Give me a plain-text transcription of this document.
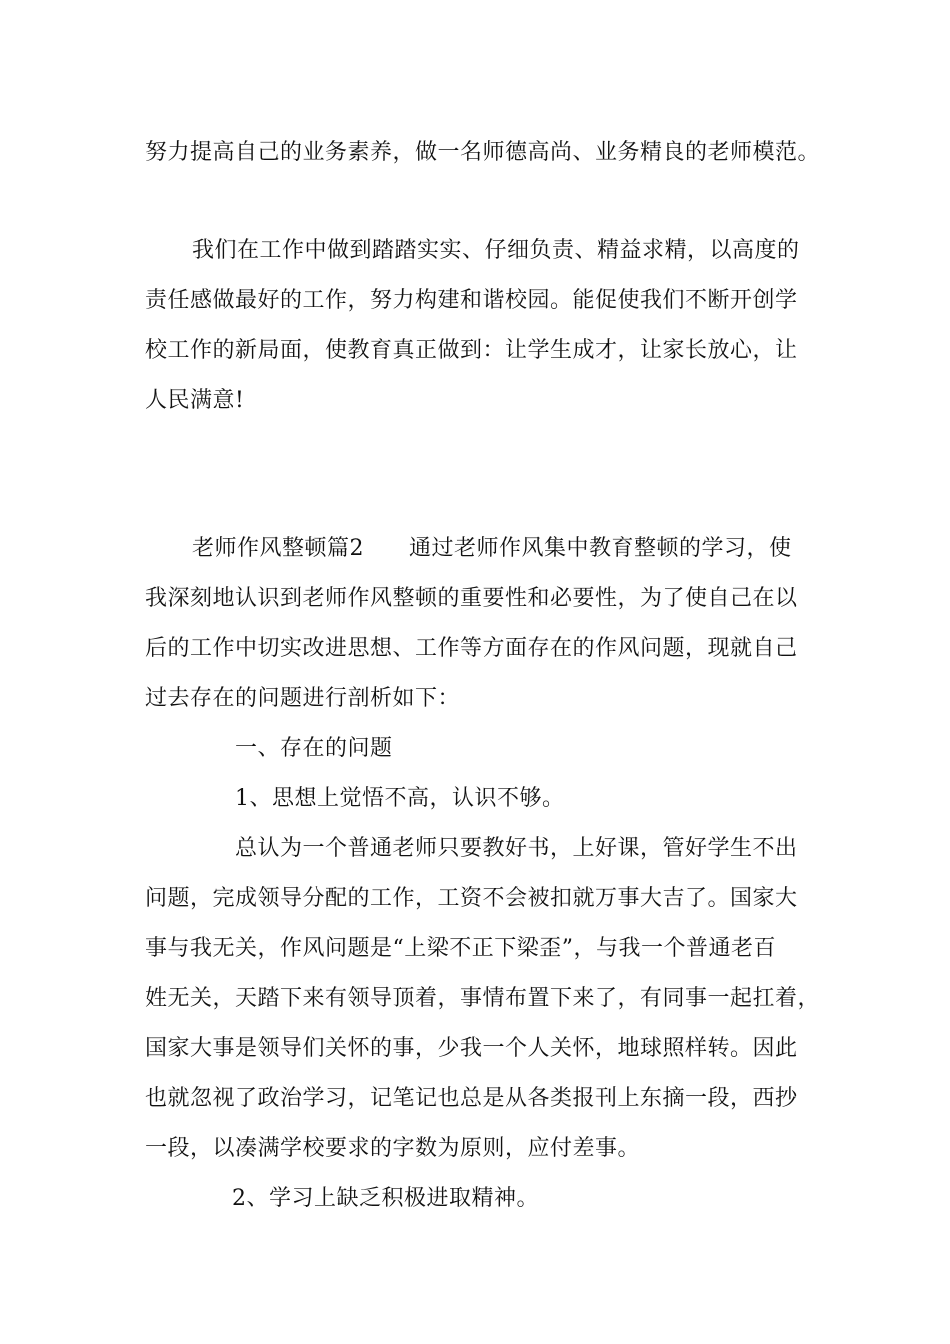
努力提高自己的业务素养，做一名师德高尚、业务精良的老师模范。
我们在工作中做到踏踏实实、仔细负责、精益求精，以高度的
责任感做最好的工作，努力构建和谐校园。能促使我们不断开创学
校工作的新局面，使教育真正做到：让学生成才，让家长放心，让
人民满意!
老师作风整顿篇2　　通过老师作风集中教育整顿的学习，使
我深刻地认识到老师作风整顿的重要性和必要性，为了使自己在以
后的工作中切实改进思想、工作等方面存在的作风问题，现就自己
过去存在的问题进行剖析如下：
一、存在的问题
1、思想上觉悟不高，认识不够。
总认为一个普通老师只要教好书，上好课，管好学生不出
问题，完成领导分配的工作，工资不会被扣就万事大吉了。国家大
事与我无关，作风问题是“上梁不正下梁歪”，与我一个普通老百
姓无关，天踏下来有领导顶着，事情布置下来了，有同事一起扛着，
国家大事是领导们关怀的事，少我一个人关怀，地球照样转。因此
也就忽视了政治学习，记笔记也总是从各类报刊上东摘一段，西抄
一段，以凑满学校要求的字数为原则，应付差事。
2、学习上缺乏积极进取精神。
